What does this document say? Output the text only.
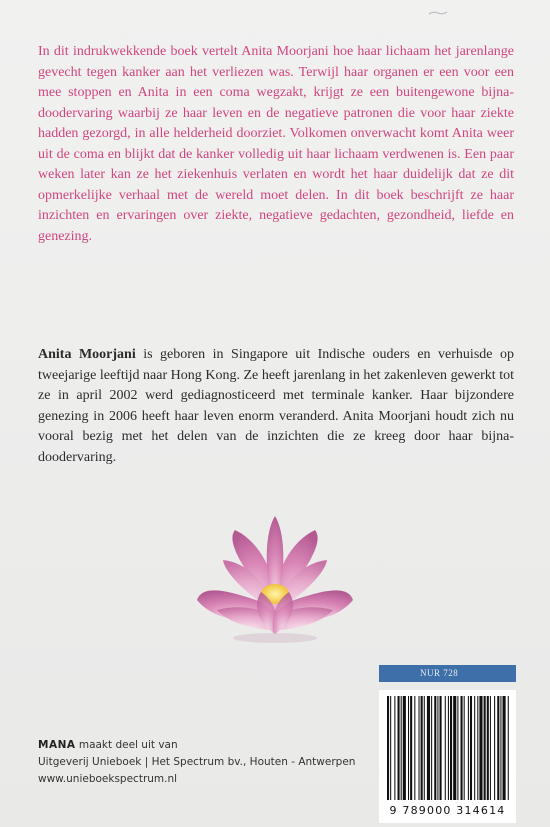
In dit indrukwekkende boek vertelt Anita Moorjani hoe haar lichaam het jarenlange gevecht tegen kanker aan het verliezen was. Terwijl haar organen er een voor een mee stoppen en Anita in een coma wegzakt, krijgt ze een buitengewone bijna-doodervaring waarbij ze haar leven en de negatieve patronen die voor haar ziekte hadden gezorgd, in alle helderheid doorziet. Volkomen onverwacht komt Anita weer uit de coma en blijkt dat de kanker volledig uit haar lichaam verdwenen is. Een paar weken later kan ze het ziekenhuis verlaten en wordt het haar duidelijk dat ze dit opmerkelijke verhaal met de wereld moet delen. In dit boek beschrijft ze haar inzichten en ervaringen over ziekte, negatieve gedachten, gezondheid, liefde en genezing.

Anita Moorjani is geboren in Singapore uit Indische ouders en verhuisde op tweejarige leeftijd naar Hong Kong. Ze heeft jarenlang in het zakenleven gewerkt tot ze in april 2002 werd gediagnosticeerd met terminale kanker. Haar bijzondere genezing in 2006 heeft haar leven enorm veranderd. Anita Moorjani houdt zich nu vooral bezig met het delen van de inzichten die ze kreeg door haar bijna-doodervaring.

NUR 728
9 789000 314614
MANA maakt deel uit van
Uitgeverij Unieboek | Het Spectrum bv., Houten - Antwerpen
www.unieboekspectrum.nl
